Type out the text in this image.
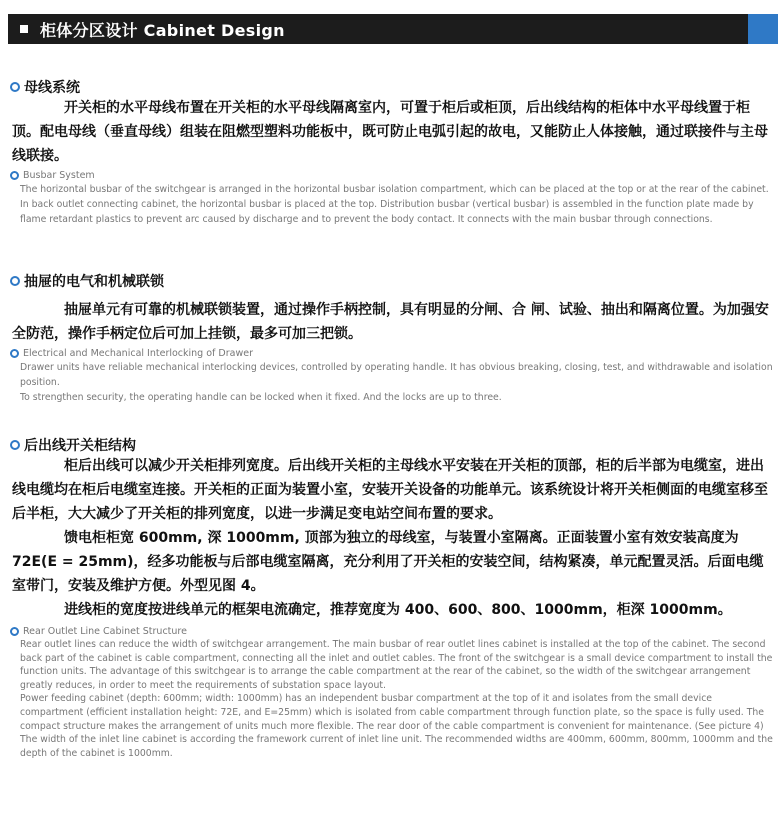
柜体分区设计 Cabinet Design
母线系统

开关柜的水平母线布置在开关柜的水平母线隔离室内，可置于柜后或柜顶，后出线结构的柜体中水平母线置于柜顶。配电母线（垂直母线）组装在阻燃型塑料功能板中，既可防止电弧引起的故电，又能防止人体接触，通过联接件与主母线联接。

Busbar System

The horizontal busbar of the switchgear is arranged in the horizontal busbar isolation compartment, which can be placed at the top or at the rear of the cabinet. In back outlet connecting cabinet, the horizontal busbar is placed at the top. Distribution busbar (vertical busbar) is assembled in the function plate made by flame retardant plastics to prevent arc caused by discharge and to prevent the body contact. It connects with the main busbar through connections.

抽屉的电气和机械联锁

抽屉单元有可靠的机械联锁装置，通过操作手柄控制，具有明显的分闸、合 闸、试验、抽出和隔离位置。为加强安全防范，操作手柄定位后可加上挂锁，最多可加三把锁。

Electrical and Mechanical Interlocking of Drawer

Drawer units have reliable mechanical interlocking devices, controlled by operating handle. It has obvious breaking, closing, test, and withdrawable and isolation position.

To strengthen security, the operating handle can be locked when it fixed. And the locks are up to three.

后出线开关柜结构

柜后出线可以减少开关柜排列宽度。后出线开关柜的主母线水平安装在开关柜的顶部，柜的后半部为电缆室，进出线电缆均在柜后电缆室连接。开关柜的正面为装置小室，安装开关设备的功能单元。该系统设计将开关柜侧面的电缆室移至后半柜，大大减少了开关柜的排列宽度，以进一步满足变电站空间布置的要求。

馈电柜柜宽 600mm, 深 1000mm, 顶部为独立的母线室，与装置小室隔离。正面装置小室有效安装高度为 72E(E = 25mm)，经多功能板与后部电缆室隔离，充分利用了开关柜的安装空间，结构紧凑，单元配置灵活。后面电缆室带门，安装及维护方便。外型见图 4。

进线柜的宽度按进线单元的框架电流确定，推荐宽度为 400、600、800、1000mm，柜深 1000mm。

Rear Outlet Line Cabinet Structure

Rear outlet lines can reduce the width of switchgear arrangement. The main busbar of rear outlet lines cabinet is installed at the top of the cabinet. The second back part of the cabinet is cable compartment, connecting all the inlet and outlet cables. The front of the switchgear is a small device compartment to install the function units. The advantage of this switchgear is to arrange the cable compartment at the rear of the cabinet, so the width of the switchgear arrangement greatly reduces, in order to meet the requirements of substation space layout.

Power feeding cabinet (depth: 600mm; width: 1000mm) has an independent busbar compartment at the top of it and isolates from the small device compartment (efficient installation height: 72E, and E=25mm) which is isolated from cable compartment through function plate, so the space is fully used. The compact structure makes the arrangement of units much more flexible. The rear door of the cable compartment is convenient for maintenance. (See picture 4)

The width of the inlet line cabinet is according the framework current of inlet line unit. The recommended widths are 400mm, 600mm, 800mm, 1000mm and the depth of the cabinet is 1000mm.
